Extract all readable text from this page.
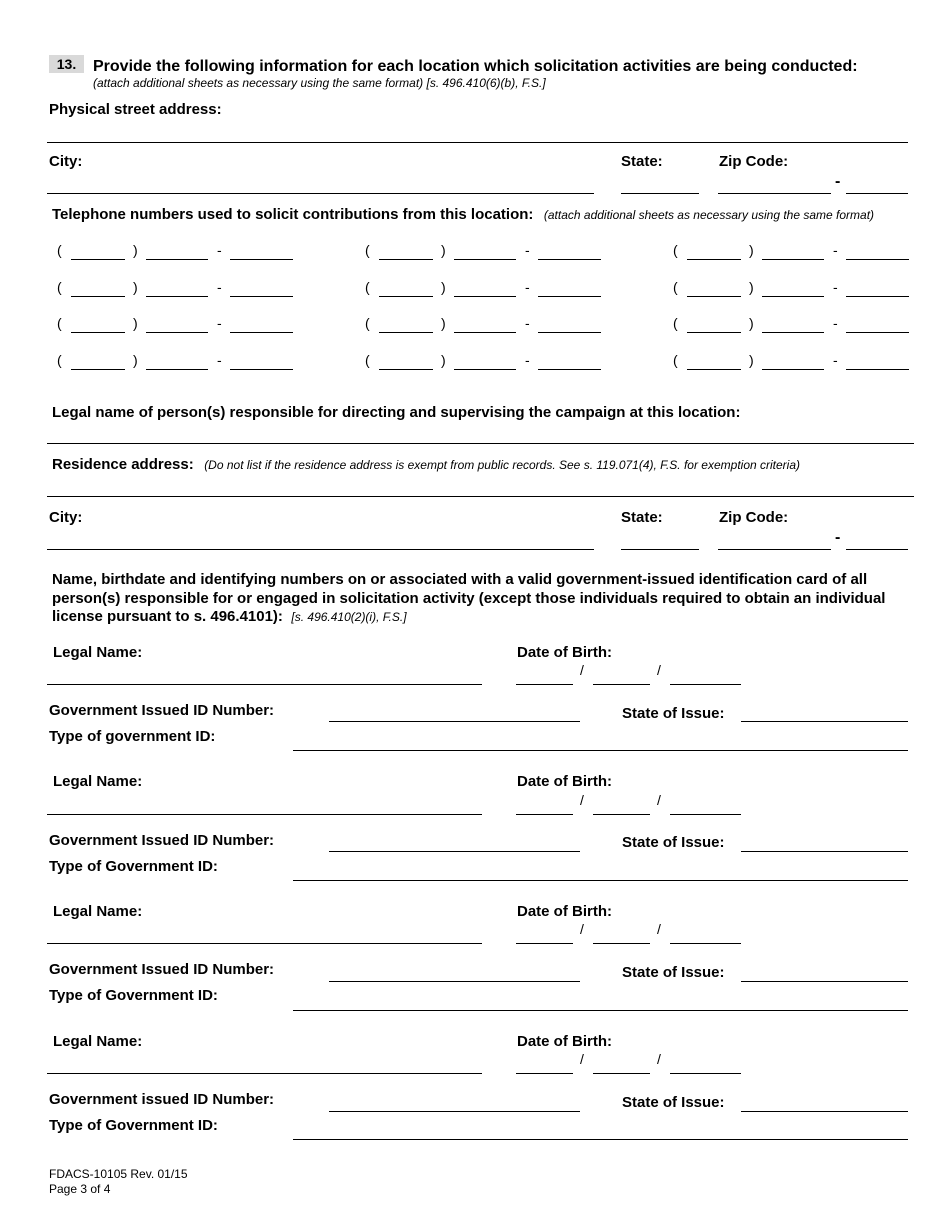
13.	Provide the following information for each location which solicitation activities are being conducted:
(attach additional sheets as necessary using the same format) [s. 496.410(6)(b), F.S.]
Physical street address:
City:	State:	Zip Code:
-
Telephone numbers used to solicit contributions from this location: (attach additional sheets as necessary using the same format)
(	)	-	(	)	-	(	)	-
(	)	-	(	)	-	(	)	-
(	)	-	(	)	-	(	)	-
(	)	-	(	)	-	(	)	-
Legal name of person(s) responsible for directing and supervising the campaign at this location:
Residence address: (Do not list if the residence address is exempt from public records. See s. 119.071(4), F.S. for exemption criteria)
City:	State:	Zip Code:
-
Name, birthdate and identifying numbers on or associated with a valid government-issued identification card of all
person(s) responsible for or engaged in solicitation activity (except those individuals required to obtain an individual
license pursuant to s. 496.4101): [s. 496.410(2)(i), F.S.]
Legal Name:	Date of Birth:
/	/
Government Issued ID Number:	State of Issue:
Type of government ID:
Legal Name:	Date of Birth:
/	/
Government Issued ID Number:	State of Issue:
Type of Government ID:
Legal Name:	Date of Birth:
/	/
Government Issued ID Number:	State of Issue:
Type of Government ID:
Legal Name:	Date of Birth:
/	/
Government issued ID Number:	State of Issue:
Type of Government ID:
FDACS-10105 Rev. 01/15
Page 3 of 4
